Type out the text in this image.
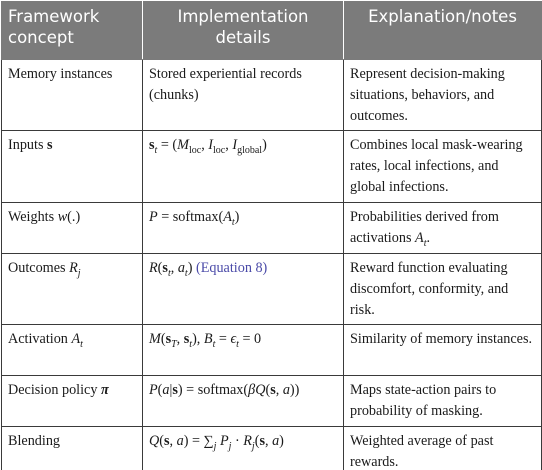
Framework concept	Implementation details	Explanation/notes
Memory instances	Stored experiential records (chunks)	Represent decision-making situations, behaviors, and outcomes.
Inputs s	$s_t = (M_{loc}$, $I_{loc}$, $I_{global}$)	Combines local mask-wearing rates, local infections, and global infections.
Weights w(.)	$P = softmax(A_t)$	Probabilities derived from activations $A_t$.
Outcomes $R_j$	$R(s_t$, $a_t$) (Equation 8)	Reward function evaluating discomfort, conformity, and risk.
Activation $A_t$	$M(s_T$, $s_t$), $B_t = \epsilon_t = 0$	Similarity of memory instances.
Decision policy π	P(a|s) = softmax(βQ(s, a))	Maps state-action pairs to probability of masking.
Blending	Q(s, $a) = \sum_j$ $P_j \cdot R_j(s$, a)	Weighted average of past rewards.
